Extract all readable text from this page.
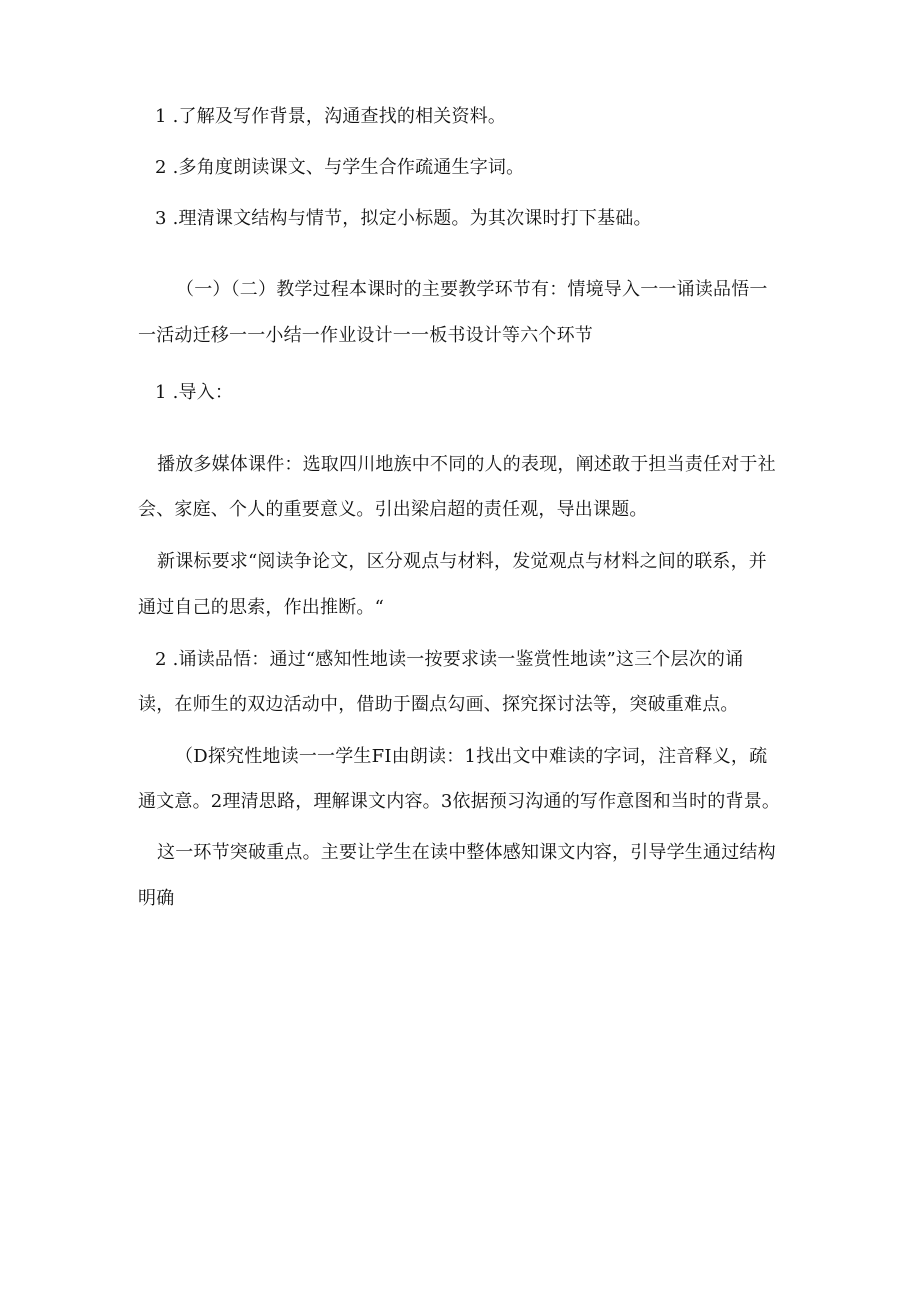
1 .了解及写作背景，沟通查找的相关资料。
2 .多角度朗读课文、与学生合作疏通生字词。
3 .理清课文结构与情节，拟定小标题。为其次课时打下基础。
（一）（二）教学过程本课时的主要教学环节有：情境导入一一诵读品悟一
一活动迁移一一小结一作业设计一一板书设计等六个环节
1 .导入：
播放多媒体课件：选取四川地族中不同的人的表现，阐述敢于担当责任对于社
会、家庭、个人的重要意义。引出梁启超的责任观，导出课题。
新课标要求“阅读争论文，区分观点与材料，发觉观点与材料之间的联系，并
通过自己的思索，作出推断。“
2 .诵读品悟：通过“感知性地读一按要求读一鉴赏性地读”这三个层次的诵
读，在师生的双边活动中，借助于圈点勾画、探究探讨法等，突破重难点。
（D探究性地读一一学生FI由朗读：1找出文中难读的字词，注音释义，疏
通文意。2理清思路，理解课文内容。3依据预习沟通的写作意图和当时的背景。
这一环节突破重点。主要让学生在读中整体感知课文内容，引导学生通过结构
明确
